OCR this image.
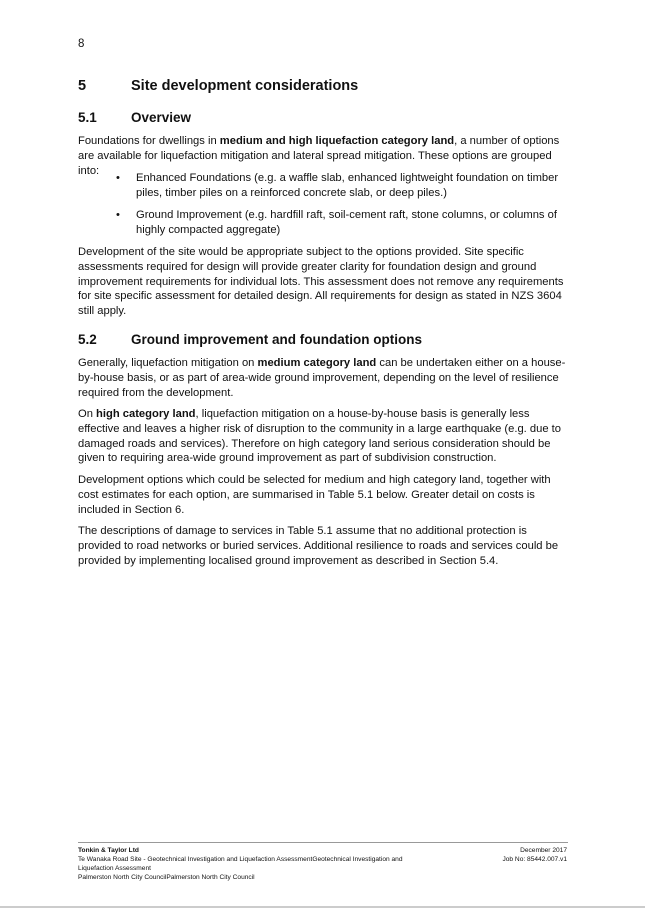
8
5	Site development considerations
5.1	Overview

Foundations for dwellings in medium and high liquefaction category land, a number of options are available for liquefaction mitigation and lateral spread mitigation. These options are grouped into:

• Enhanced Foundations (e.g. a waffle slab, enhanced lightweight foundation on timber piles, timber piles on a reinforced concrete slab, or deep piles.)
• Ground Improvement (e.g. hardfill raft, soil-cement raft, stone columns, or columns of highly compacted aggregate)

Development of the site would be appropriate subject to the options provided. Site specific assessments required for design will provide greater clarity for foundation design and ground improvement requirements for individual lots. This assessment does not remove any requirements for site specific assessment for detailed design. All requirements for design as stated in NZS 3604 still apply.

5.2	Ground improvement and foundation options

Generally, liquefaction mitigation on medium category land can be undertaken either on a house-by-house basis, or as part of area-wide ground improvement, depending on the level of resilience required from the development.

On high category land, liquefaction mitigation on a house-by-house basis is generally less effective and leaves a higher risk of disruption to the community in a large earthquake (e.g. due to damaged roads and services). Therefore on high category land serious consideration should be given to requiring area-wide ground improvement as part of subdivision construction.

Development options which could be selected for medium and high category land, together with cost estimates for each option, are summarised in Table 5.1 below. Greater detail on costs is included in Section 6.

The descriptions of damage to services in Table 5.1 assume that no additional protection is provided to road networks or buried services. Additional resilience to roads and services could be provided by implementing localised ground improvement as described in Section 5.4.

Tonkin & Taylor Ltd
Te Wanaka Road Site - Geotechnical Investigation and Liquefaction AssessmentGeotechnical Investigation and Liquefaction Assessment
Palmerston North City CouncilPalmerston North City Council
December 2017
Job No: 85442.007.v1
